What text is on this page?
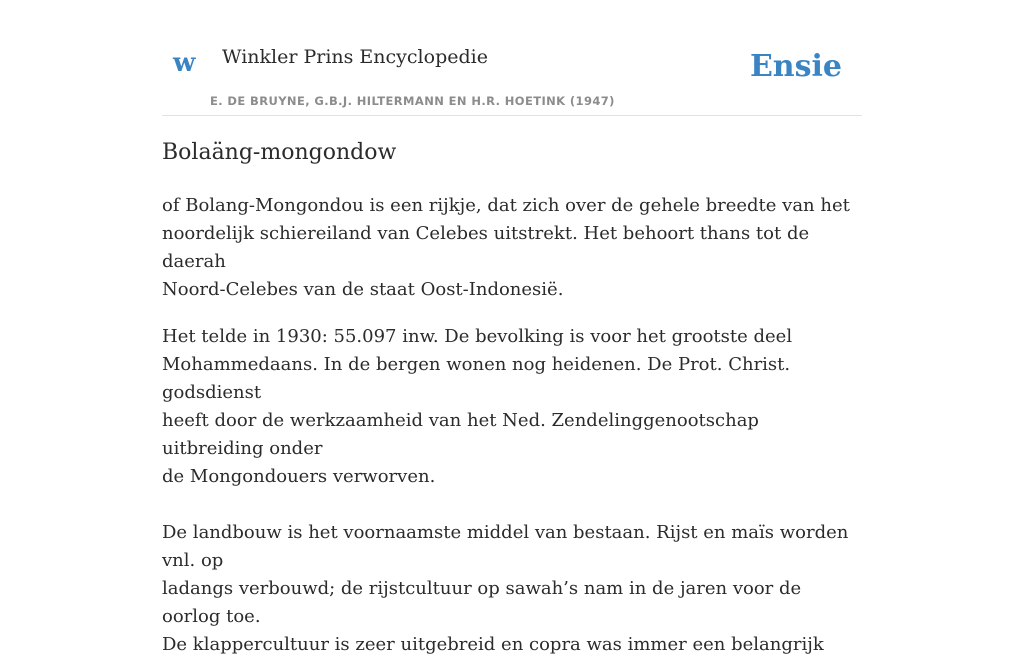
w Winkler Prins Encyclopedie
E. DE BRUYNE, G.B.J. HILTERMANN EN H.R. HOETINK (1947)
Ensie
Bolaäng-mongondow

of Bolang-Mongondou is een rijkje, dat zich over de gehele breedte van het
noordelijk schiereiland van Celebes uitstrekt. Het behoort thans tot de daerah
Noord-Celebes van de staat Oost-Indonesië.

Het telde in 1930: 55.097 inw. De bevolking is voor het grootste deel
Mohammedaans. In de bergen wonen nog heidenen. De Prot. Christ. godsdienst
heeft door de werkzaamheid van het Ned. Zendelinggenootschap uitbreiding onder
de Mongondouers verworven.

De landbouw is het voornaamste middel van bestaan. Rijst en maïs worden vnl. op
ladangs verbouwd; de rijstcultuur op sawah’s nam in de jaren voor de oorlog toe.
De klappercultuur is zeer uitgebreid en copra was immer een belangrijk
